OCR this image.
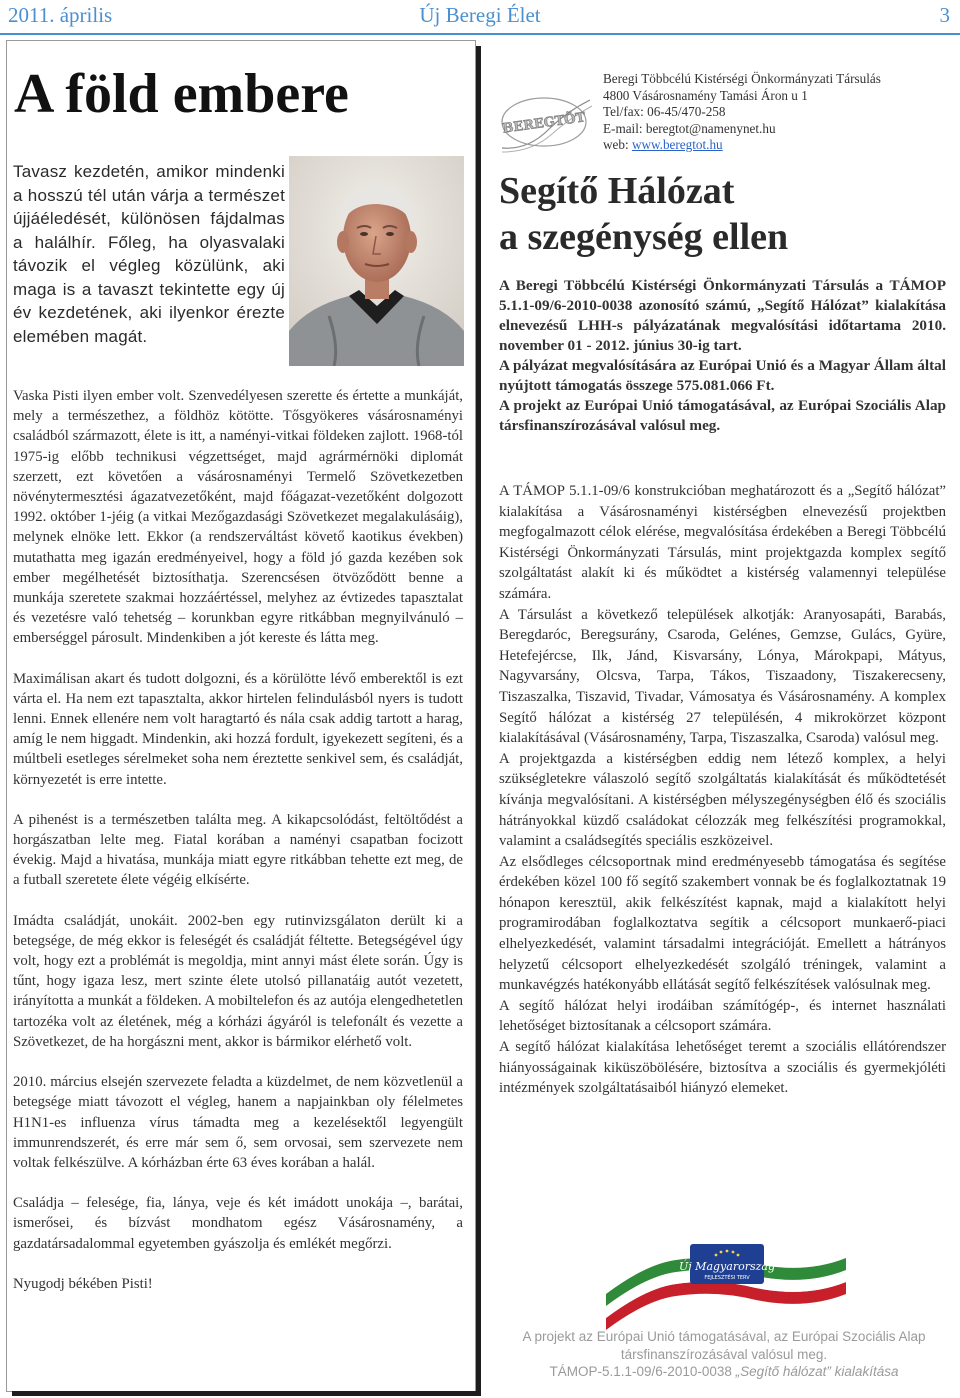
2011. április	Új Beregi Élet	3
A föld embere

Tavasz kezdetén, amikor mindenki a hosszú tél után várja a természet újjáéledését, különösen fájdalmas a halálhír. Főleg, ha olyasvalaki távozik el végleg közülünk, aki maga is a tavaszt tekintette egy új év kezdetének, aki ilyenkor érezte elemében magát.

Vaska Pisti ilyen ember volt. Szenvedélyesen szerette és értette a munkáját, mely a természethez, a földhöz kötötte. Tősgyökeres vásárosnaményi családból származott, élete is itt, a naményi-vitkai földeken zajlott. 1968-tól 1975-ig előbb technikusi végzettséget, majd agrármérnöki diplomát szerzett, ezt követően a vásárosnaményi Termelő Szövetkezetben növénytermesztési ágazatvezetőként, majd főágazat-vezetőként dolgozott 1992. október 1-jéig (a vitkai Mezőgazdasági Szövetkezet megalakulásáig), melynek elnöke lett. Ekkor (a rendszerváltást követő kaotikus években) mutathatta meg igazán eredményeivel, hogy a föld jó gazda kezében sok ember megélhetését biztosíthatja. Szerencsésen ötvöződött benne a munkája szeretete szakmai hozzáértéssel, melyhez az évtizedes tapasztalat és vezetésre való tehetség – korunkban egyre ritkábban megnyilvánuló – emberséggel párosult. Mindenkiben a jót kereste és látta meg.

Maximálisan akart és tudott dolgozni, és a körülötte lévő emberektől is ezt várta el. Ha nem ezt tapasztalta, akkor hirtelen felindulásból nyers is tudott lenni. Ennek ellenére nem volt haragtartó és nála csak addig tartott a harag, amíg le nem higgadt. Mindenkin, aki hozzá fordult, igyekezett segíteni, és a múltbeli esetleges sérelmeket soha nem éreztette senkivel sem, és családját, környezetét is erre intette.

A pihenést is a természetben találta meg. A kikapcsolódást, feltöltődést a horgászatban lelte meg. Fiatal korában a naményi csapatban focizott évekig. Majd a hivatása, munkája miatt egyre ritkábban tehette ezt meg, de a futball szeretete élete végéig elkísérte.

Imádta családját, unokáit. 2002-ben egy rutinvizsgálaton derült ki a betegsége, de még ekkor is feleségét és családját féltette. Betegségével úgy volt, hogy ezt a problémát is megoldja, mint annyi mást élete során. Úgy is tűnt, hogy igaza lesz, mert szinte élete utolsó pillanatáig autót vezetett, irányította a munkát a földeken. A mobiltelefon és az autója elengedhetetlen tartozéka volt az életének, még a kórházi ágyáról is telefonált és vezette a Szövetkezet, de ha horgászni ment, akkor is bármikor elérhető volt.

2010. március elsején szervezete feladta a küzdelmet, de nem közvetlenül a betegsége miatt távozott el végleg, hanem a napjainkban oly félelmetes H1N1-es influenza vírus támadta meg a kezelésektől legyengült immunrendszerét, és erre már sem ő, sem orvosai, sem szervezete nem voltak felkészülve. A kórházban érte 63 éves korában a halál.

Családja – felesége, fia, lánya, veje és két imádott unokája –, barátai, ismerősei, és bízvást mondhatom egész Vásárosnamény, a gazdatársadalommal egyetemben gyászolja és emlékét megőrzi.

Nyugodj békében Pisti!

BEREGTÖT
Beregi Többcélú Kistérségi Önkormányzati Társulás
4800 Vásárosnamény Tamási Áron u 1
Tel/fax: 06-45/470-258
E-mail: beregtot@namenynet.hu
web: www.beregtot.hu
Segítő Hálózat
a szegénység ellen

A Beregi Többcélú Kistérségi Önkormányzati Társulás a TÁMOP 5.1.1-09/6-2010-0038 azonosító számú, „Segítő Hálózat” kialakítása elnevezésű LHH-s pályázatának megvalósítási időtartama 2010. november 01 - 2012. június 30-ig tart.

A pályázat megvalósítására az Európai Unió és a Magyar Állam által nyújtott támogatás összege 575.081.066 Ft.

A projekt az Európai Unió támogatásával, az Európai Szociális Alap társfinanszírozásával valósul meg.

A TÁMOP 5.1.1-09/6 konstrukcióban meghatározott és a „Segítő hálózat” kialakítása a Vásárosnaményi kistérségben elnevezésű projektben megfogalmazott célok elérése, megvalósítása érdekében a Beregi Többcélú Kistérségi Önkormányzati Társulás, mint projektgazda komplex segítő szolgáltatást alakít ki és működtet a kistérség valamennyi települése számára.

A Társulást a következő települések alkotják: Aranyosapáti, Barabás, Beregdaróc, Beregsurány, Csaroda, Gelénes, Gemzse, Gulács, Gyüre, Hetefejércse, Ilk, Jánd, Kisvarsány, Lónya, Márokpapi, Mátyus, Nagyvarsány, Olcsva, Tarpa, Tákos, Tiszaadony, Tiszakerecseny, Tiszaszalka, Tiszavid, Tivadar, Vámosatya és Vásárosnamény. A komplex Segítő hálózat a kistérség 27 településén, 4 mikrokörzet központ kialakításával (Vásárosnamény, Tarpa, Tiszaszalka, Csaroda) valósul meg.

A projektgazda a kistérségben eddig nem létező komplex, a helyi szükségletekre válaszoló segítő szolgáltatás kialakítását és működtetését kívánja megvalósítani. A kistérségben mélyszegénységben élő és szociális hátrányokkal küzdő családokat célozzák meg felkészítési programokkal, valamint a családsegítés speciális eszközeivel.

Az elsődleges célcsoportnak mind eredményesebb támogatása és segítése érdekében közel 100 fő segítő szakembert vonnak be és foglalkoztatnak 19 hónapon keresztül, akik felkészítést kapnak, majd a kialakított helyi programirodában foglalkoztatva segítik a célcsoport munkaerő-piaci elhelyezkedését, valamint társadalmi integrációját. Emellett a hátrányos helyzetű célcsoport elhelyezkedését szolgáló tréningek, valamint a munkavégzés hatékonyább ellátását segítő felkészítések valósulnak meg.

A segítő hálózat helyi irodáiban számítógép-, és internet használati lehetőséget biztosítanak a célcsoport számára.

A segítő hálózat kialakítása lehetőséget teremt a szociális ellátórendszer hiányosságainak kiküszöbölésére, biztosítva a szociális és gyermekjóléti intézmények szolgáltatásaiból hiányzó elemeket.

Új Magyarország
FEJLESZTÉSI TERV
A projekt az Európai Unió támogatásával, az Európai Szociális Alap
társfinanszírozásával valósul meg.
TÁMOP-5.1.1-09/6-2010-0038 „Segítő hálózat” kialakítása
